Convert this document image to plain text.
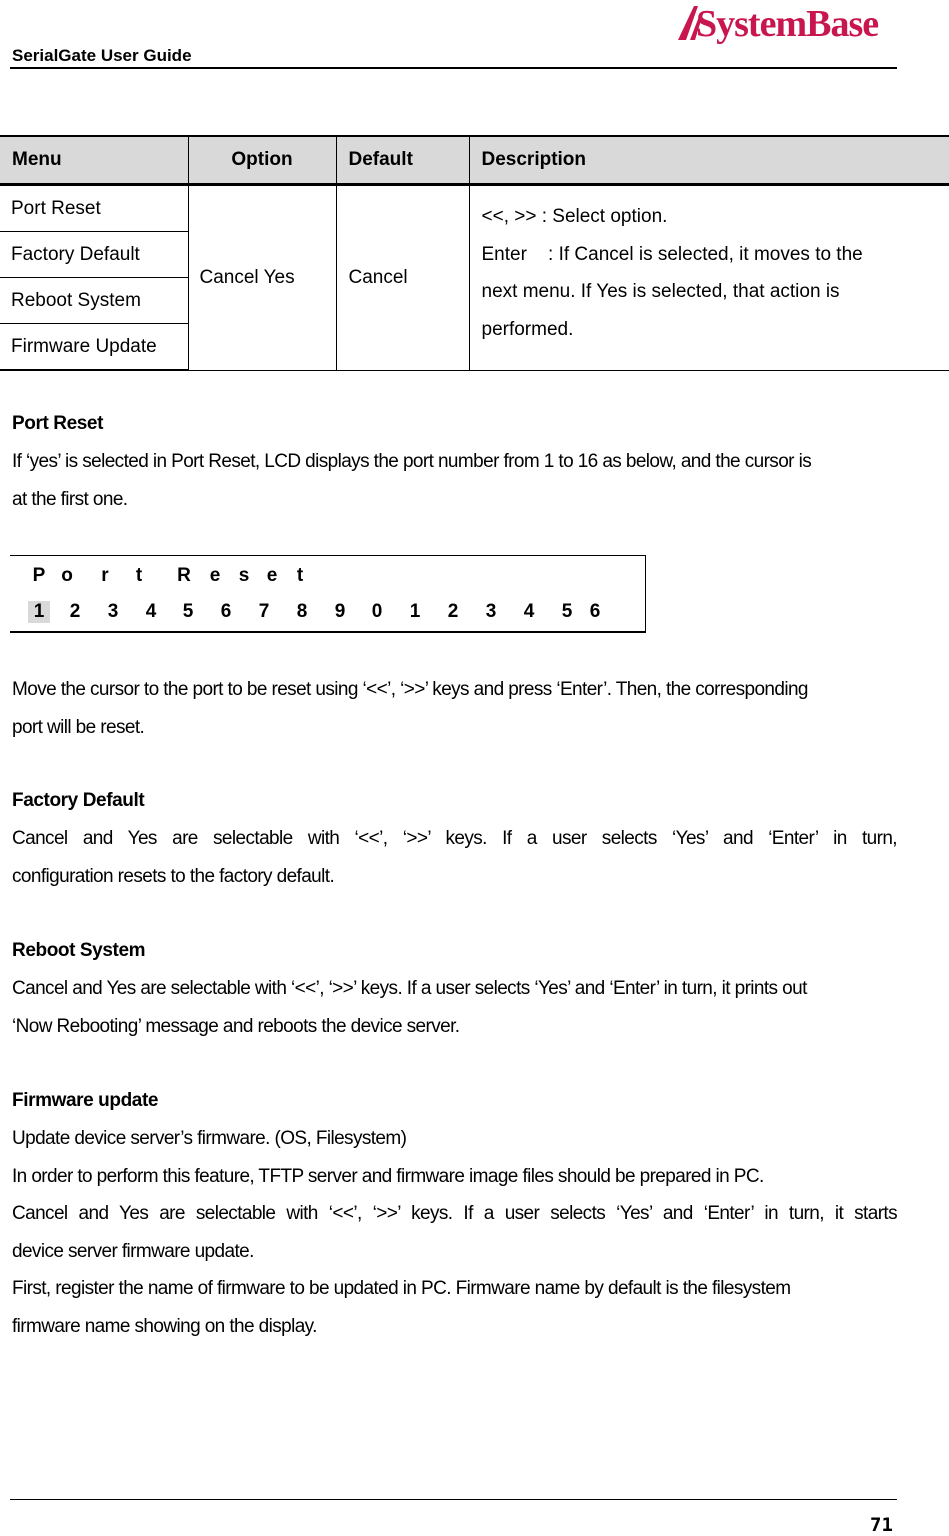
SerialGate User Guide
SystemBase
Menu	Option	Default	Description
Port Reset	Cancel Yes	Cancel	<<, >> : Select option.
Enter    : If Cancel is selected, it moves to the
next menu. If Yes is selected, that action is
performed.

Factory Default			
Reboot System			
Firmware Update			
Port Reset
If ‘yes’ is selected in Port Reset, LCD displays the port number from 1 to 16 as below, and the cursor is
at the first one.
P o	r	t	R e s e	t
1	2 3 4 5 6 7 8 9 0 1 2 3 4 5 6
Move the cursor to the port to be reset using ‘<<’, ‘>>’ keys and press ‘Enter’. Then, the corresponding
port will be reset.
Factory Default
Cancel and Yes are selectable with ‘<<’, ‘>>’ keys. If a user selects ‘Yes’ and ‘Enter’ in turn,
configuration resets to the factory default.
Reboot System
Cancel and Yes are selectable with ‘<<’, ‘>>’ keys. If a user selects ‘Yes’ and ‘Enter’ in turn, it prints out
‘Now Rebooting’ message and reboots the device server.
Firmware update
Update device server’s firmware. (OS, Filesystem)
In order to perform this feature, TFTP server and firmware image files should be prepared in PC.
Cancel and Yes are selectable with ‘<<’, ‘>>’ keys. If a user selects ‘Yes’ and ‘Enter’ in turn, it starts
device server firmware update.
First, register the name of firmware to be updated in PC. Firmware name by default is the filesystem
firmware name showing on the display.
71
